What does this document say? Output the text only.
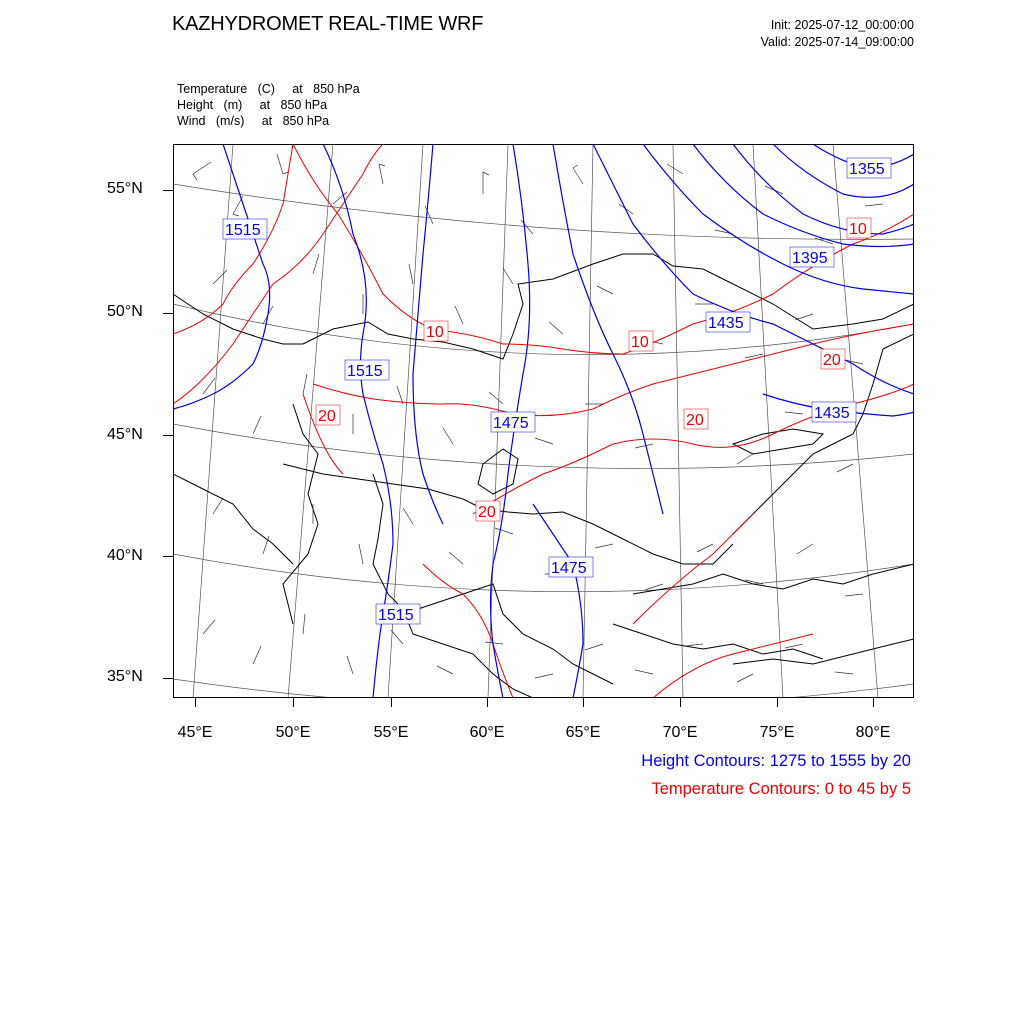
KAZHYDROMET REAL-TIME WRF	Init: 2025-07-12_00:00:00
Valid: 2025-07-14_09:00:00
Temperature   (C)     at   850 hPa
Height   (m)     at   850 hPa
Wind   (m/s)     at   850 hPa
1515
1515
1475
1475
1515
1435
1395
1355
1435
10
10
20	20
20
20
10
55°N
50°N
45°N
40°N
35°N
45°E	50°E	55°E	60°E	65°E	70°E	75°E	80°E
Height Contours: 1275 to 1555 by 20
Temperature Contours: 0 to 45 by 5
